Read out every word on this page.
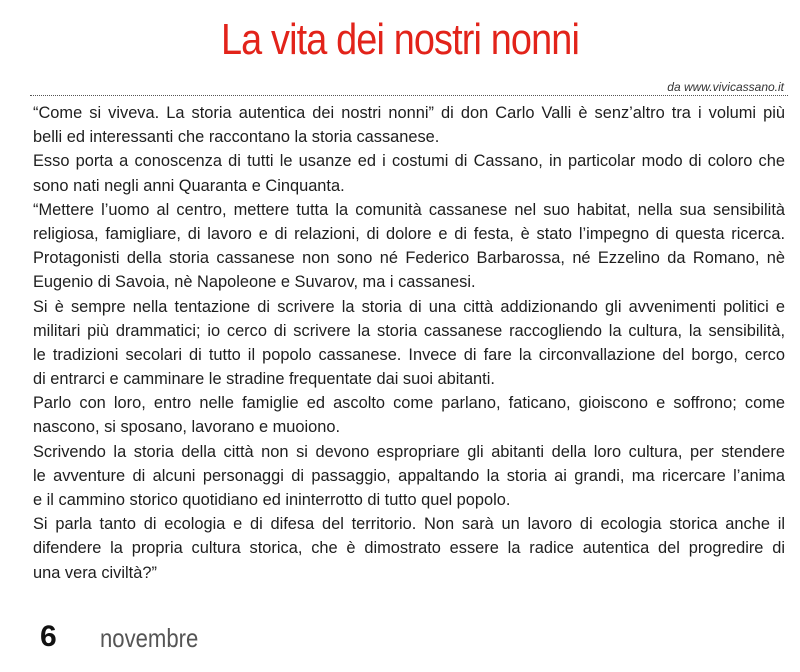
La vita dei nostri nonni
da www.vivicassano.it
“Come si viveva. La storia autentica dei nostri nonni” di don Carlo Valli è senz’altro tra i volumi più
belli ed interessanti che raccontano la storia cassanese.
Esso porta a conoscenza di tutti le usanze ed i costumi di Cassano, in particolar modo di coloro che
sono nati negli anni Quaranta e Cinquanta.
“Mettere l’uomo al centro, mettere tutta la comunità cassanese nel suo habitat, nella sua sensibilità
religiosa, famigliare, di lavoro e di relazioni, di dolore e di festa, è stato l’impegno di questa ricerca.
Protagonisti della storia cassanese non sono né Federico Barbarossa, né Ezzelino da Romano, nè
Eugenio di Savoia, nè Napoleone e Suvarov, ma i cassanesi.
Si è sempre nella tentazione di scrivere la storia di una città addizionando gli avvenimenti politici e
militari più drammatici; io cerco di scrivere la storia cassanese raccogliendo la cultura, la sensibilità,
le tradizioni secolari di tutto il popolo cassanese. Invece di fare la circonvallazione del borgo, cerco
di entrarci e camminare le stradine frequentate dai suoi abitanti.
Parlo con loro, entro nelle famiglie ed ascolto come parlano, faticano, gioiscono e soffrono; come
nascono, si sposano, lavorano e muoiono.
Scrivendo la storia della città non si devono espropriare gli abitanti della loro cultura, per stendere
le avventure di alcuni personaggi di passaggio, appaltando la storia ai grandi, ma ricercare l’anima
e il cammino storico quotidiano ed ininterrotto di tutto quel popolo.
Si parla tanto di ecologia e di difesa del territorio. Non sarà un lavoro di ecologia storica anche il
difendere la propria cultura storica, che è dimostrato essere la radice autentica del progredire di
una vera civiltà?”
6 novembre
